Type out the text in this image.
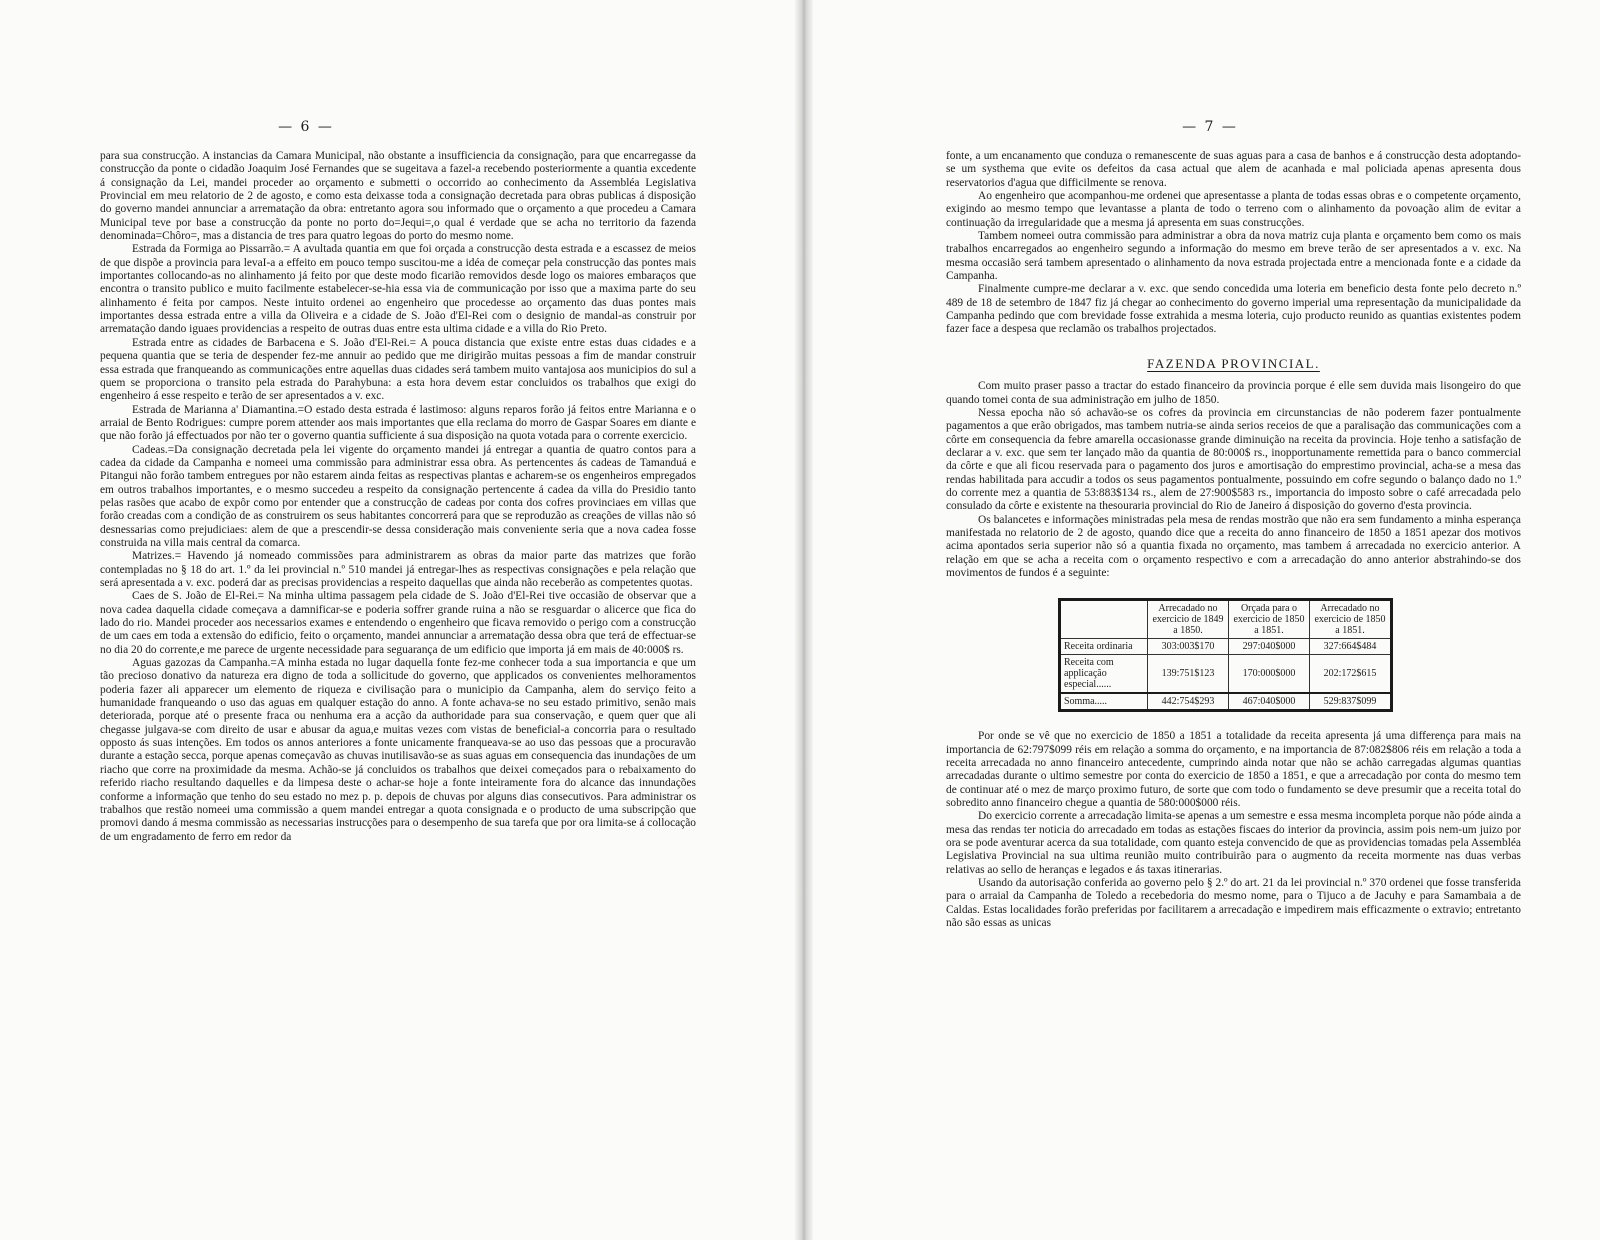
— 6 —

para sua construcção. A instancias da Camara Municipal, não obstante a insufficiencia da consignação, para que encarregasse da construcção da ponte o cidadão Joaquim José Fernandes que se sugeitava a fazel-a recebendo posteriormente a quantia excedente á consignação da Lei, mandei proceder ao orçamento e submetti o occorrido ao conhecimento da Assembléa Legislativa Provincial em meu relatorio de 2 de agosto, e como esta deixasse toda a consignação decretada para obras publicas á disposição do governo mandei annunciar a arrematação da obra: entretanto agora sou informado que o orçamento a que procedeu a Camara Municipal teve por base a construcção da ponte no porto do=Jequi=,o qual é verdade que se acha no territorio da fazenda denominada=Chôro=, mas a distancia de tres para quatro legoas do porto do mesmo nome.

Estrada da Formiga ao Pissarrão.= A avultada quantia em que foi orçada a construcção desta estrada e a escassez de meios de que dispõe a provincia para levaI-a a effeito em pouco tempo suscitou-me a idéa de começar pela construcção das pontes mais importantes collocando-as no alinhamento já feito por que deste modo ficarião removidos desde logo os maiores embaraços que encontra o transito publico e muito facilmente estabelecer-se-hia essa via de communicação por isso que a maxima parte do seu alinhamento é feita por campos. Neste intuito ordenei ao engenheiro que procedesse ao orçamento das duas pontes mais importantes dessa estrada entre a villa da Oliveira e a cidade de S. João d'El-Rei com o designio de mandal-as construir por arrematação dando iguaes providencias a respeito de outras duas entre esta ultima cidade e a villa do Rio Preto.

Estrada entre as cidades de Barbacena e S. João d'El-Rei.= A pouca distancia que existe entre estas duas cidades e a pequena quantia que se teria de despender fez-me annuir ao pedido que me dirigirão muitas pessoas a fim de mandar construir essa estrada que franqueando as communicações entre aquellas duas cidades será tambem muito vantajosa aos municipios do sul a quem se proporciona o transito pela estrada do Parahybuna: a esta hora devem estar concluidos os trabalhos que exigi do engenheiro á esse respeito e terão de ser apresentados a v. exc.

Estrada de Marianna a' Diamantina.=O estado desta estrada é lastimoso: alguns reparos forão já feitos entre Marianna e o arraial de Bento Rodrigues: cumpre porem attender aos mais importantes que ella reclama do morro de Gaspar Soares em diante e que não forão já effectuados por não ter o governo quantia sufficiente á sua disposição na quota votada para o corrente exercicio.

Cadeas.=Da consignação decretada pela lei vigente do orçamento mandei já entregar a quantia de quatro contos para a cadea da cidade da Campanha e nomeei uma commissão para administrar essa obra. As pertencentes ás cadeas de Tamanduá e Pitangui não forão tambem entregues por não estarem ainda feitas as respectivas plantas e acharem-se os engenheiros empregados em outros trabalhos importantes, e o mesmo succedeu a respeito da consignação pertencente á cadea da villa do Presidio tanto pelas rasões que acabo de expôr como por entender que a construcção de cadeas por conta dos cofres provinciaes em villas que forão creadas com a condição de as construirem os seus habitantes concorrerá para que se reproduzão as creações de villas não só desnessarias como prejudiciaes: alem de que a prescendir-se dessa consideração mais conveniente seria que a nova cadea fosse construida na villa mais central da comarca.

Matrizes.= Havendo já nomeado commissões para administrarem as obras da maior parte das matrizes que forão contempladas no § 18 do art. 1.º da lei provincial n.º 510 mandei já entregar-lhes as respectivas consignações e pela relação que será apresentada a v. exc. poderá dar as precisas providencias a respeito daquellas que ainda não receberão as competentes quotas.

Caes de S. João de El-Rei.= Na minha ultima passagem pela cidade de S. João d'El-Rei tive occasião de observar que a nova cadea daquella cidade começava a damnificar-se e poderia soffrer grande ruina a não se resguardar o alicerce que fica do lado do rio. Mandei proceder aos necessarios exames e entendendo o engenheiro que ficava removido o perigo com a construcção de um caes em toda a extensão do edificio, feito o orçamento, mandei annunciar a arrematação dessa obra que terá de effectuar-se no dia 20 do corrente,e me parece de urgente necessidade para seguarança de um edificio que importa já em mais de 40:000$ rs.

Aguas gazozas da Campanha.=A minha estada no lugar daquella fonte fez-me conhecer toda a sua importancia e que um tão precioso donativo da natureza era digno de toda a sollicitude do governo, que applicados os convenientes melhoramentos poderia fazer ali apparecer um elemento de riqueza e civilisação para o municipio da Campanha, alem do serviço feito a humanidade franqueando o uso das aguas em qualquer estação do anno. A fonte achava-se no seu estado primitivo, senão mais deteriorada, porque até o presente fraca ou nenhuma era a acção da authoridade para sua conservação, e quem quer que ali chegasse julgava-se com direito de usar e abusar da agua,e muitas vezes com vistas de beneficial-a concorria para o resultado opposto ás suas intenções. Em todos os annos anteriores a fonte unicamente franqueava-se ao uso das pessoas que a procuravão durante a estação secca, porque apenas começavão as chuvas inutilisavão-se as suas aguas em consequencia das inundações de um riacho que corre na proximidade da mesma. Achão-se já concluidos os trabalhos que deixei começados para o rebaixamento do referido riacho resultando daquelles e da limpesa deste o achar-se hoje a fonte inteiramente fora do alcance das innundações conforme a informação que tenho do seu estado no mez p. p. depois de chuvas por alguns dias consecutivos. Para administrar os trabalhos que restão nomeei uma commissão a quem mandei entregar a quota consignada e o producto de uma subscripção que promovi dando á mesma commissão as necessarias instrucções para o desempenho de sua tarefa que por ora limita-se á collocação de um engradamento de ferro em redor da

— 7 —

fonte, a um encanamento que conduza o remanescente de suas aguas para a casa de banhos e á construcção desta adoptando-se um systhema que evite os defeitos da casa actual que alem de acanhada e mal policiada apenas apresenta dous reservatorios d'agua que difficilmente se renova.

Ao engenheiro que acompanhou-me ordenei que apresentasse a planta de todas essas obras e o competente orçamento, exigindo ao mesmo tempo que levantasse a planta de todo o terreno com o alinhamento da povoação alim de evitar a continuação da irregularidade que a mesma já apresenta em suas construcções.

Tambem nomeei outra commissão para administrar a obra da nova matriz cuja planta e orçamento bem como os mais trabalhos encarregados ao engenheiro segundo a informação do mesmo em breve terão de ser apresentados a v. exc. Na mesma occasião será tambem apresentado o alinhamento da nova estrada projectada entre a mencionada fonte e a cidade da Campanha.

Finalmente cumpre-me declarar a v. exc. que sendo concedida uma loteria em beneficio desta fonte pelo decreto n.º 489 de 18 de setembro de 1847 fiz já chegar ao conhecimento do governo imperial uma representação da municipalidade da Campanha pedindo que com brevidade fosse extrahida a mesma loteria, cujo producto reunido as quantias existentes podem fazer face a despesa que reclamão os trabalhos projectados.

FAZENDA PROVINCIAL.

Com muito praser passo a tractar do estado financeiro da provincia porque é elle sem duvida mais lisongeiro do que quando tomei conta de sua administração em julho de 1850.

Nessa epocha não só achavão-se os cofres da provincia em circunstancias de não poderem fazer pontualmente pagamentos a que erão obrigados, mas tambem nutria-se ainda serios receios de que a paralisação das communicações com a côrte em consequencia da febre amarella occasionasse grande diminuição na receita da provincia. Hoje tenho a satisfação de declarar a v. exc. que sem ter lançado mão da quantia de 80:000$ rs., inopportunamente remettida para o banco commercial da côrte e que ali ficou reservada para o pagamento dos juros e amortisação do emprestimo provincial, acha-se a mesa das rendas habilitada para accudir a todos os seus pagamentos pontualmente, possuindo em cofre segundo o balanço dado no 1.º do corrente mez a quantia de 53:883$134 rs., alem de 27:900$583 rs., importancia do imposto sobre o café arrecadada pelo consulado da côrte e existente na thesouraria provincial do Rio de Janeiro á disposição do governo d'esta provincia.

Os balancetes e informações ministradas pela mesa de rendas mostrão que não era sem fundamento a minha esperança manifestada no relatorio de 2 de agosto, quando dice que a receita do anno financeiro de 1850 a 1851 apezar dos motivos acima apontados seria superior não só a quantia fixada no orçamento, mas tambem á arrecadada no exercicio anterior. A relação em que se acha a receita com o orçamento respectivo e com a arrecadação do anno anterior abstrahindo-se dos movimentos de fundos é a seguinte:

	Arrecadado no exercicio de 1849 a 1850.	Orçada para o exercicio de 1850 a 1851.	Arrecadado no exercicio de 1850 a 1851.
Receita ordinaria	303:003$170	297:040$000	327:664$484
Receita com applicação especial......	139:751$123	170:000$000	202:172$615
Somma.....	442:754$293	467:040$000	529:837$099

Por onde se vê que no exercicio de 1850 a 1851 a totalidade da receita apresenta já uma differença para mais na importancia de 62:797$099 réis em relação a somma do orçamento, e na importancia de 87:082$806 réis em relação a toda a receita arrecadada no anno financeiro antecedente, cumprindo ainda notar que não se achão carregadas algumas quantias arrecadadas durante o ultimo semestre por conta do exercicio de 1850 a 1851, e que a arrecadação por conta do mesmo tem de continuar até o mez de março proximo futuro, de sorte que com todo o fundamento se deve presumir que a receita total do sobredito anno financeiro chegue a quantia de 580:000$000 réis.

Do exercicio corrente a arrecadação limita-se apenas a um semestre e essa mesma incompleta porque não póde ainda a mesa das rendas ter noticia do arrecadado em todas as estações fiscaes do interior da provincia, assim pois nem-um juizo por ora se pode aventurar acerca da sua totalidade, com quanto esteja convencido de que as providencias tomadas pela Assembléa Legislativa Provincial na sua ultima reunião muito contribuirão para o augmento da receita mormente nas duas verbas relativas ao sello de heranças e legados e ás taxas itinerarias.

Usando da autorisação conferida ao governo pelo § 2.º do art. 21 da lei provincial n.º 370 ordenei que fosse transferida para o arraial da Campanha de Toledo a recebedoria do mesmo nome, para o Tijuco a de Jacuhy e para Samambaia a de Caldas. Estas localidades forão preferidas por facilitarem a arrecadação e impedirem mais efficazmente o extravio; entretanto não são essas as unicas
